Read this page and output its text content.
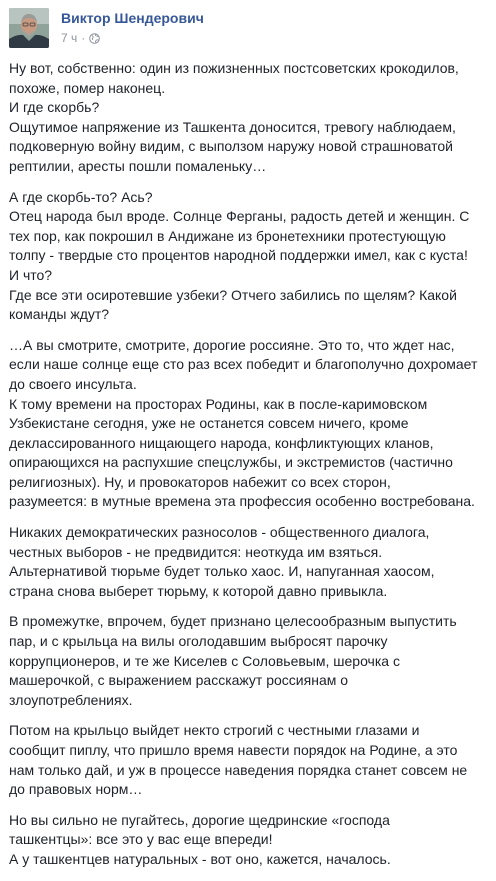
Виктор Шендерович
7 ч ·
Ну вот, собственно: один из пожизненных постсоветских крокодилов,
похоже, помер наконец.
И где скорбь?
Ощутимое напряжение из Ташкента доносится, тревогу наблюдаем,
подковерную войну видим, с выползом наружу новой страшноватой
рептилии, аресты пошли помаленьку…
А где скорбь-то? Ась?
Отец народа был вроде. Солнце Ферганы, радость детей и женщин. С
тех пор, как покрошил в Андижане из бронетехники протестующую
толпу - твердые сто процентов народной поддержки имел, как с куста!
И что?
Где все эти осиротевшие узбеки? Отчего забились по щелям? Какой
команды ждут?
…А вы смотрите, смотрите, дорогие россияне. Это то, что ждет нас,
если наше солнце еще сто раз всех победит и благополучно дохромает
до своего инсульта.
К тому времени на просторах Родины, как в после-каримовском
Узбекистане сегодня, уже не останется совсем ничего, кроме
деклассированного нищающего народа, конфликтующих кланов,
опирающихся на распухшие спецслужбы, и экстремистов (частично
религиозных). Ну, и провокаторов набежит со всех сторон,
разумеется: в мутные времена эта профессия особенно востребована.
Никаких демократических разносолов - общественного диалога,
честных выборов - не предвидится: неоткуда им взяться.
Альтернативой тюрьме будет только хаос. И, напуганная хаосом,
страна снова выберет тюрьму, к которой давно привыкла.
В промежутке, впрочем, будет признано целесообразным выпустить
пар, и с крыльца на вилы оголодавшим выбросят парочку
коррупционеров, и те же Киселев с Соловьевым, шерочка с
машерочкой, с выражением расскажут россиянам о
злоупотреблениях.
Потом на крыльцо выйдет некто строгий с честными глазами и
сообщит пиплу, что пришло время навести порядок на Родине, а это
нам только дай, и уж в процессе наведения порядка станет совсем не
до правовых норм…
Но вы сильно не пугайтесь, дорогие щедринские «господа
ташкентцы»: все это у вас еще впереди!
А у ташкентцев натуральных - вот оно, кажется, началось.
